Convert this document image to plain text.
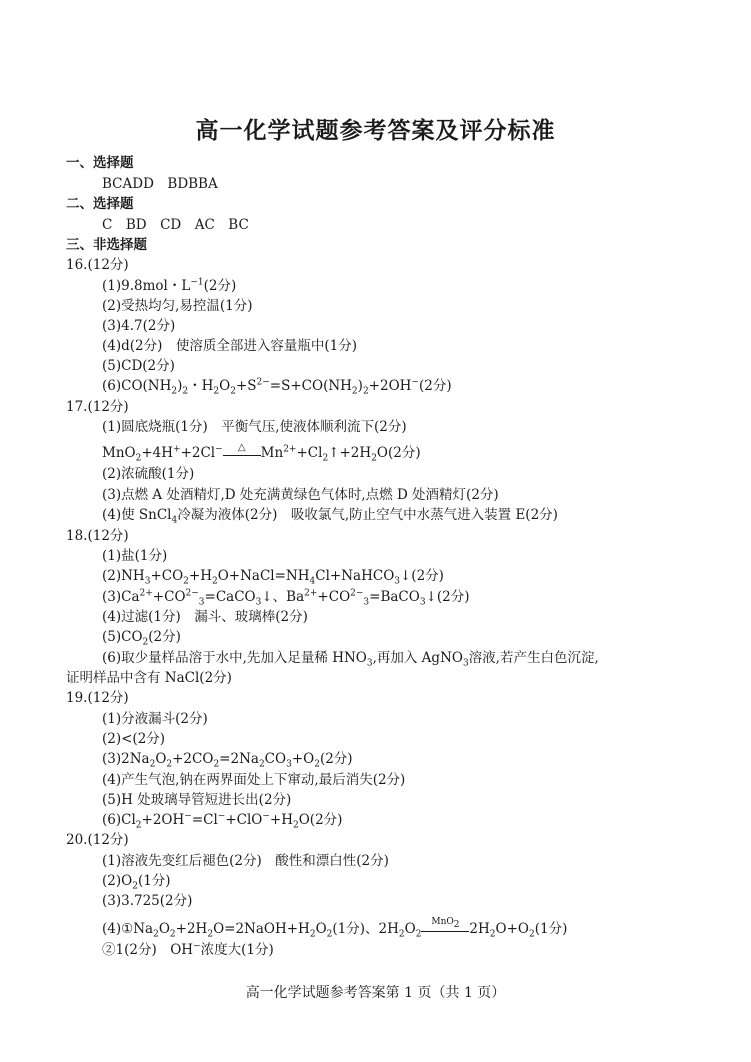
高一化学试题参考答案及评分标准
一、选择题
BCADD　BDBBA
二、选择题
C　BD　CD　AC　BC
三、非选择题
16.(12分)
(1)9.8mol・$L^{-1}(2$分)
(2)受热均匀,易控温(1分)
(3)4.7(2分)
(4)d(2分)　使溶质全部进入容量瓶中(1分)
(5)CD(2分)
$(6)CO(NH_2)_2$・$H_2O_2+S^{2-}=S+CO(NH_2)_2+2OH^-(2$分)
17.(12分)
(1)圆底烧瓶(1分)　平衡气压,使液体顺利流下(2分)
MnO$_2$+4H++2Cl−	△	$Mn^{2+}+Cl_2↑+2H_2O(2$分)
(2)浓硫酸(1分)
(3)点燃 A 处酒精灯,D 处充满黄绿色气体时,点燃 D 处酒精灯(2分)
(4)使 SnCl$_4$冷凝为液体(2分)　吸收氯气,防止空气中水蒸气进入装置 E(2分)
18.(12分)
(1)盐(1分)
$(2)NH_3+CO_2+H_2O+NaCl=NH_4Cl+NaHCO_3↓(2$分)
$(3)Ca^{2+}+CO^{2-}_3=CaCO_3↓$、$Ba^{2+}+CO^{2-}_3=BaCO_3↓(2$分)
(4)过滤(1分)　漏斗、玻璃棒(2分)
$(5)CO_2(2$分)
(6)取少量样品溶于水中,先加入足量稀 $HNO_3$,再加入 AgNO$_3$溶液,若产生白色沉淀,
证明样品中含有 NaCl(2分)
19.(12分)
(1)分液漏斗(2分)
(2)<(2分)
$(3)2Na_2O_2+2CO_2=2Na_2CO_3+O_2(2$分)
(4)产生气泡,钠在两界面处上下窜动,最后消失(2分)
(5)H 处玻璃导管短进长出(2分)
$(6)Cl_2+2OH^-=Cl^-+ClO^-+H_2O(2$分)
20.(12分)
(1)溶液先变红后褪色(2分)　酸性和漂白性(2分)
$(2)O_2(1$分)
(3)3.725(2分)
$(4)①Na_2O_2+2H_2O=2NaOH+H_2O_2(1$分)、$2H_2O_2$
MnO$_2$ $2H_2O+O_2(1$分)
②1(2分)　OH−浓度大(1分)
高一化学试题参考答案第 1 页（共 1 页）
